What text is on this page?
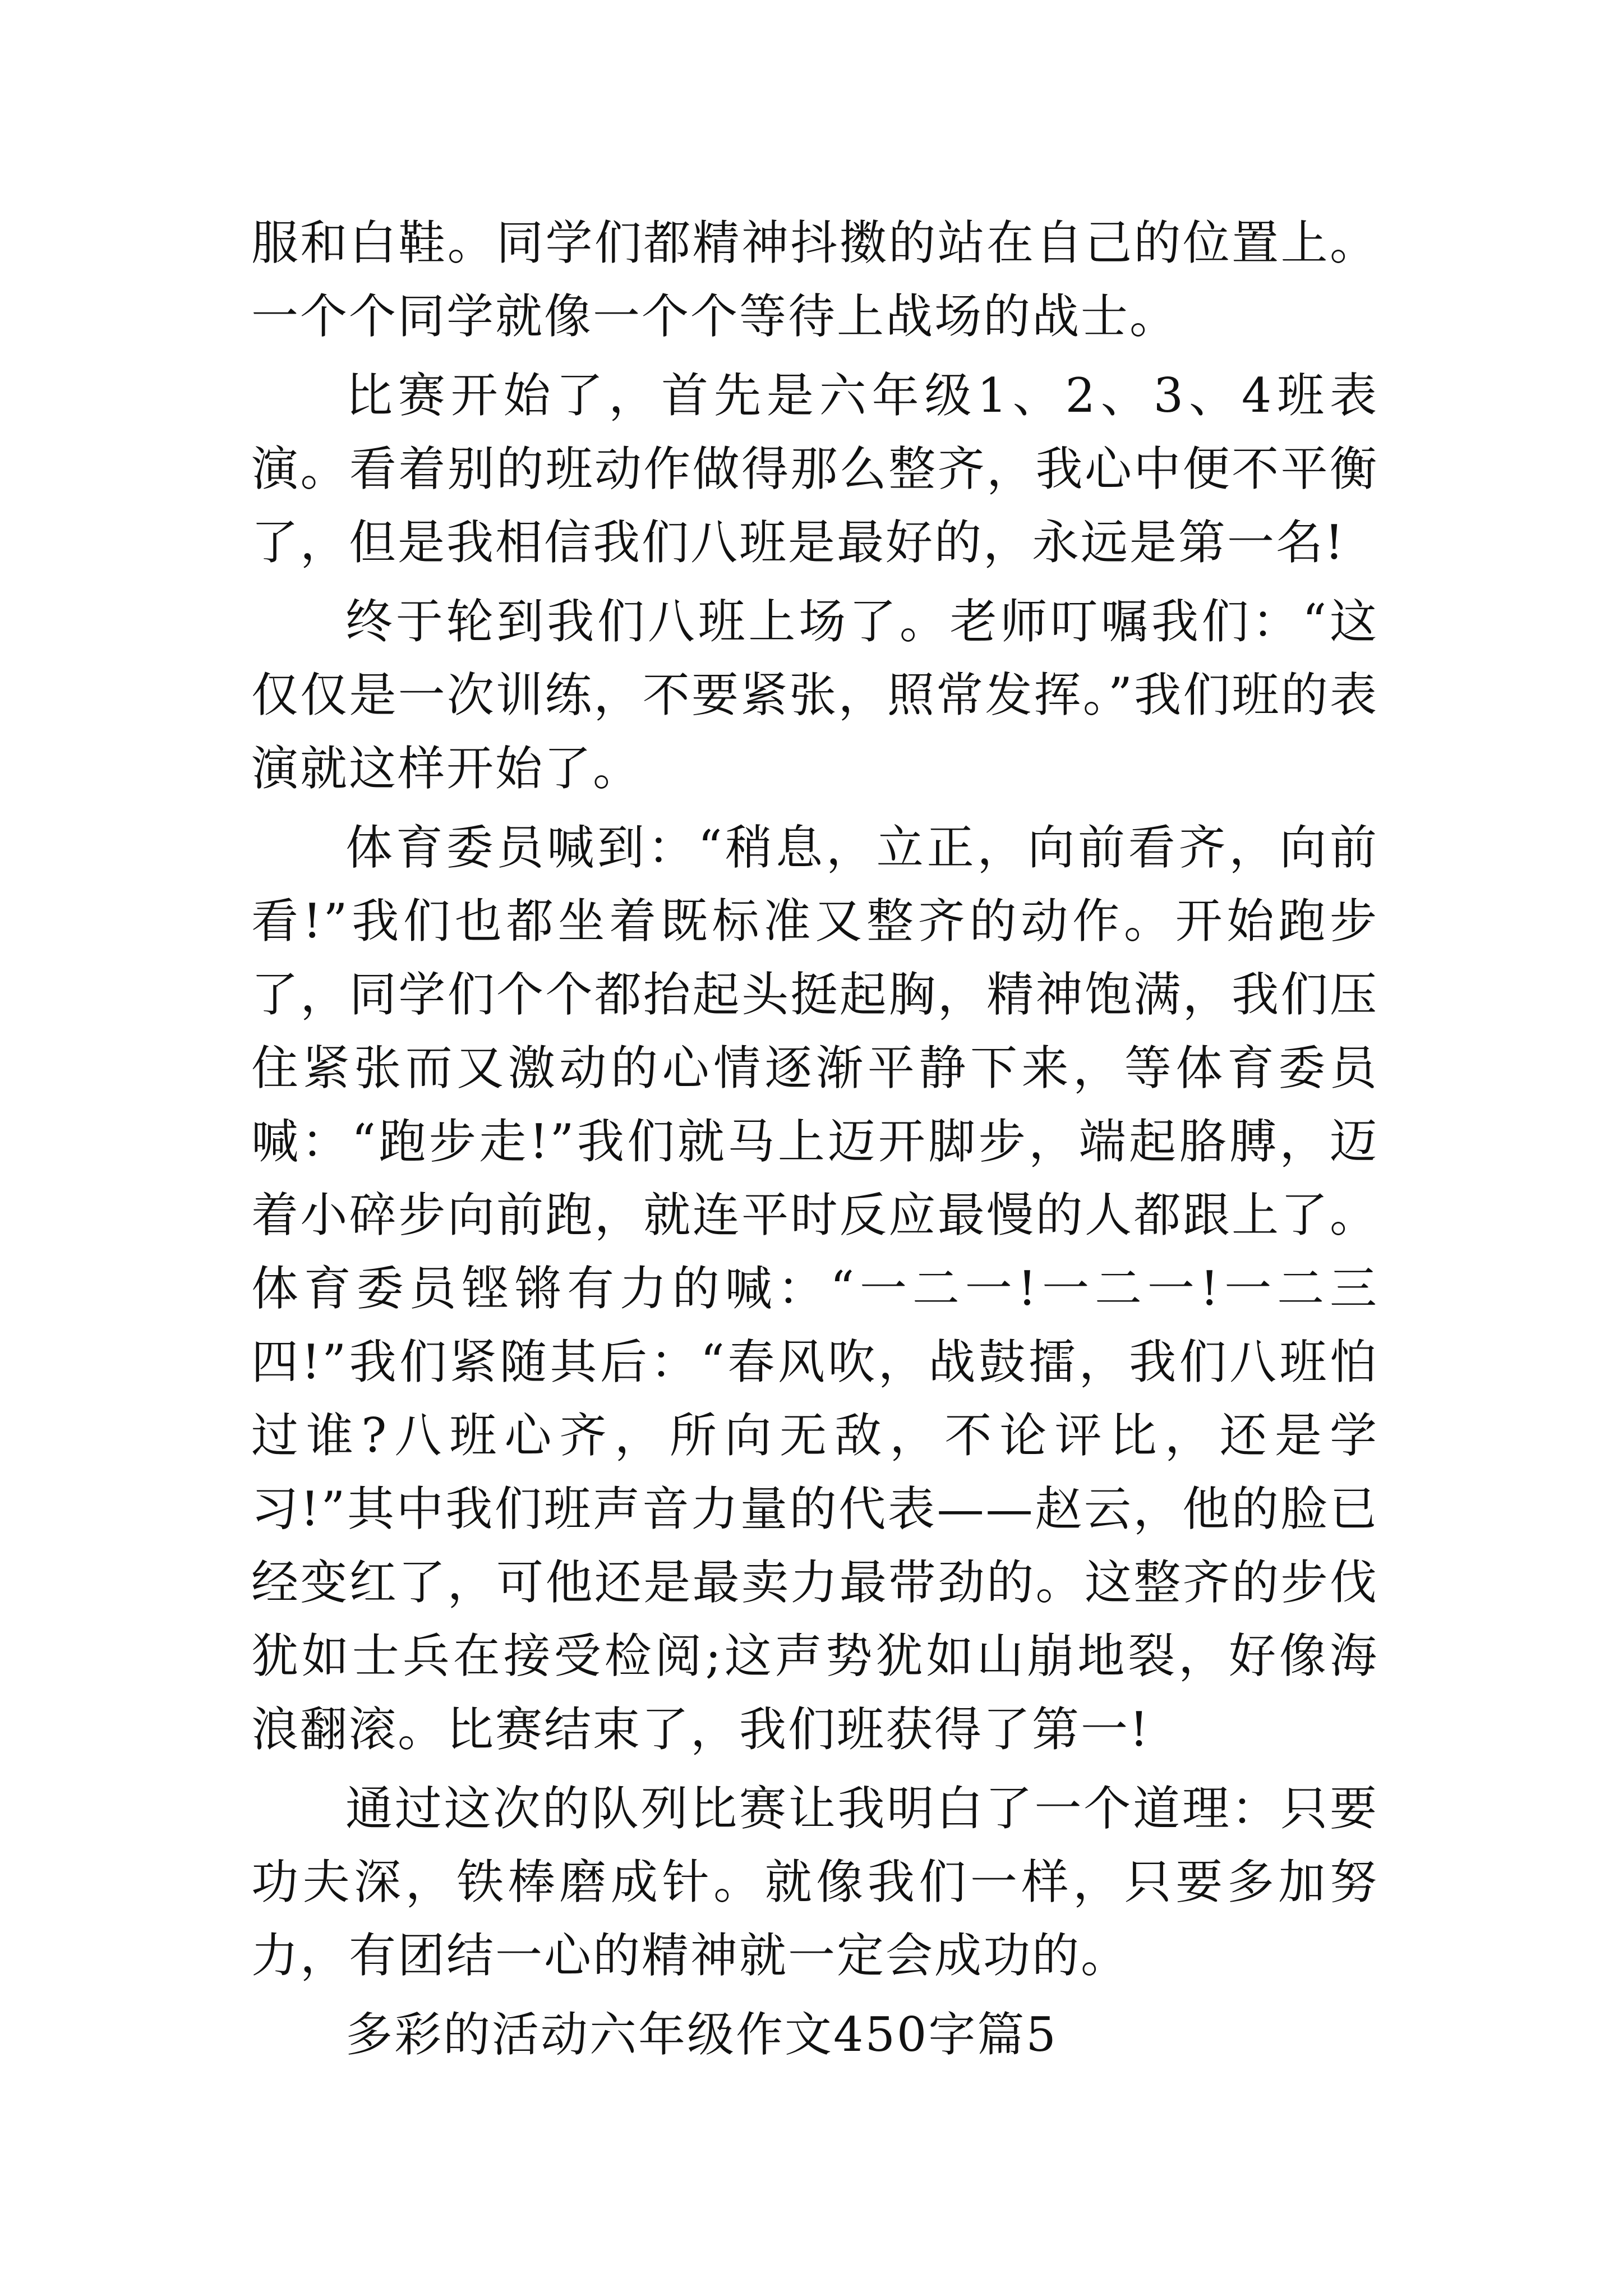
服和白鞋。同学们都精神抖擞的站在自己的位置上。一个个同学就像一个个等待上战场的战士。

比赛开始了，首先是六年级1、2、3、4班表演。看着别的班动作做得那么整齐，我心中便不平衡了，但是我相信我们八班是最好的，永远是第一名!

终于轮到我们八班上场了。老师叮嘱我们：“这仅仅是一次训练，不要紧张，照常发挥。”我们班的表演就这样开始了。

体育委员喊到：“稍息，立正，向前看齐，向前看!”我们也都坐着既标准又整齐的动作。开始跑步了，同学们个个都抬起头挺起胸，精神饱满，我们压住紧张而又激动的心情逐渐平静下来，等体育委员喊：“跑步走!”我们就马上迈开脚步，端起胳膊，迈着小碎步向前跑，就连平时反应最慢的人都跟上了。体育委员铿锵有力的喊：“一二一!一二一!一二三四!”我们紧随其后：“春风吹，战鼓擂，我们八班怕过谁?八班心齐，所向无敌，不论评比，还是学习!”其中我们班声音力量的代表——赵云，他的脸已经变红了，可他还是最卖力最带劲的。这整齐的步伐犹如士兵在接受检阅;这声势犹如山崩地裂，好像海浪翻滚。比赛结束了，我们班获得了第一!

通过这次的队列比赛让我明白了一个道理：只要功夫深，铁棒磨成针。就像我们一样，只要多加努力，有团结一心的精神就一定会成功的。

多彩的活动六年级作文450字篇5
